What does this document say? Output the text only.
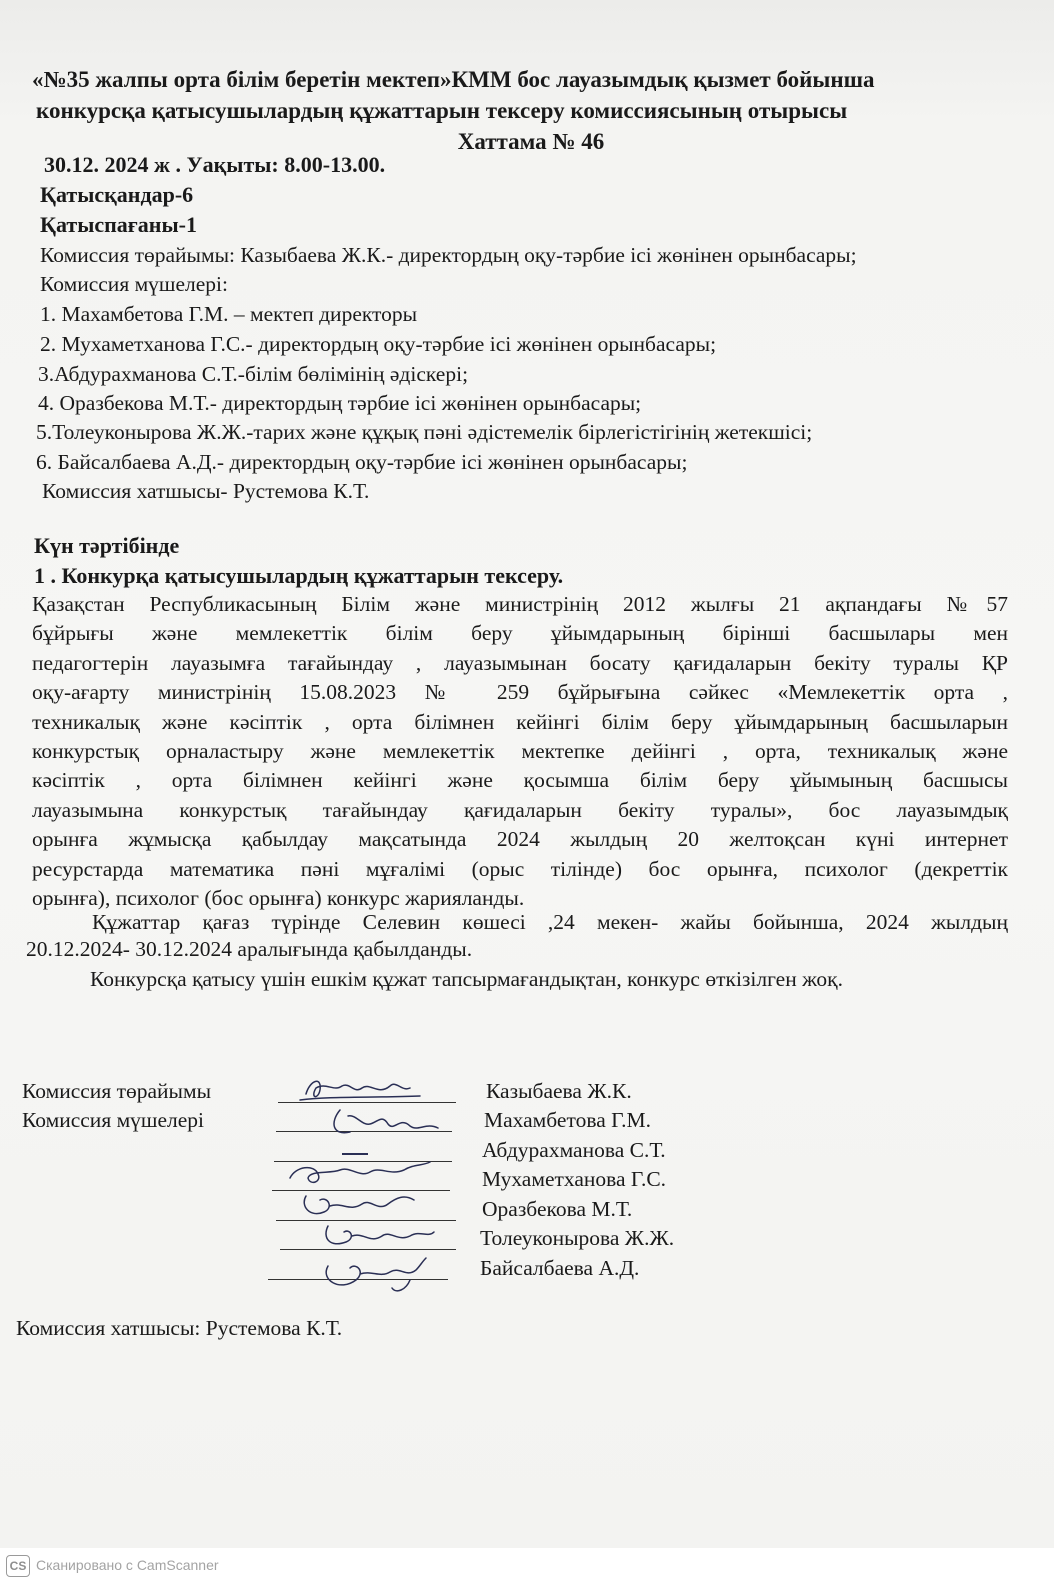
«№35 жалпы орта білім беретін мектеп»КММ бос лауазымдық қызмет бойынша
конкурсқа қатысушылардың құжаттарын тексеру комиссиясының отырысы
Хаттама № 46
30.12. 2024 ж . Уақыты: 8.00-13.00.
Қатысқандар-6
Қатыспағаны-1
Комиссия төрайымы: Казыбаева Ж.К.- директордың оқу-тәрбие ісі жөнінен орынбасары;
Комиссия мүшелері:
1. Махамбетова Г.М. – мектеп директоры
2. Мухаметханова Г.С.- директордың оқу-тәрбие ісі жөнінен орынбасары;
3.Абдурахманова С.Т.-білім бөлімінің әдіскері;
4. Оразбекова М.Т.- директордың тәрбие ісі жөнінен орынбасары;
5.Толеуконырова Ж.Ж.-тарих және құқық пәні әдістемелік бірлегістігінің жетекшісі;
6. Байсалбаева А.Д.- директордың оқу-тәрбие ісі жөнінен орынбасары;
Комиссия хатшысы- Рустемова К.Т.
Күн тәртібінде
1 . Конкурқа қатысушылардың құжаттарын тексеру.
Қазақстан Республикасының Білім және министрінің 2012 жылғы 21 ақпандағы №57
бұйрығы және мемлекеттік білім беру ұйымдарының бірінші басшылары мен
педагогтерін лауазымға тағайындау , лауазымынан босату қағидаларын бекіту туралы ҚР
оқу-ағарту министрінің 15.08.2023 № 259 бұйрығына сәйкес «Мемлекеттік орта ,
техникалық және кәсіптік , орта білімнен кейінгі білім беру ұйымдарының басшыларын
конкурстық орналастыру және мемлекеттік мектепке дейінгі , орта, техникалық және
кәсіптік , орта білімнен кейінгі және қосымша білім беру ұйымының басшысы
лауазымына конкурстық тағайындау қағидаларын бекіту туралы», бос лауазымдық
орынға жұмысқа қабылдау мақсатында 2024 жылдың 20 желтоқсан күні интернет
ресурстарда математика пәні мұғалімі (орыс тілінде) бос орынға, психолог (декреттік
орынға), психолог (бос орынға) конкурс жарияланды.
Құжаттар қағаз түрінде Селевин көшесі ,24 мекен- жайы бойынша, 2024 жылдың
20.12.2024- 30.12.2024 аралығында қабылданды.
Конкурсқа қатысу үшін ешкім құжат тапсырмағандықтан, конкурс өткізілген жоқ.
Комиссия төрайымы
Комиссия мүшелері
Казыбаева Ж.К.
Махамбетова Г.М.
Абдурахманова С.Т.
Мухаметханова Г.С.
Оразбекова М.Т.
Толеуконырова Ж.Ж.
Байсалбаева А.Д.
Комиссия хатшысы: Рустемова К.Т.
CS Сканировано с CamScanner
